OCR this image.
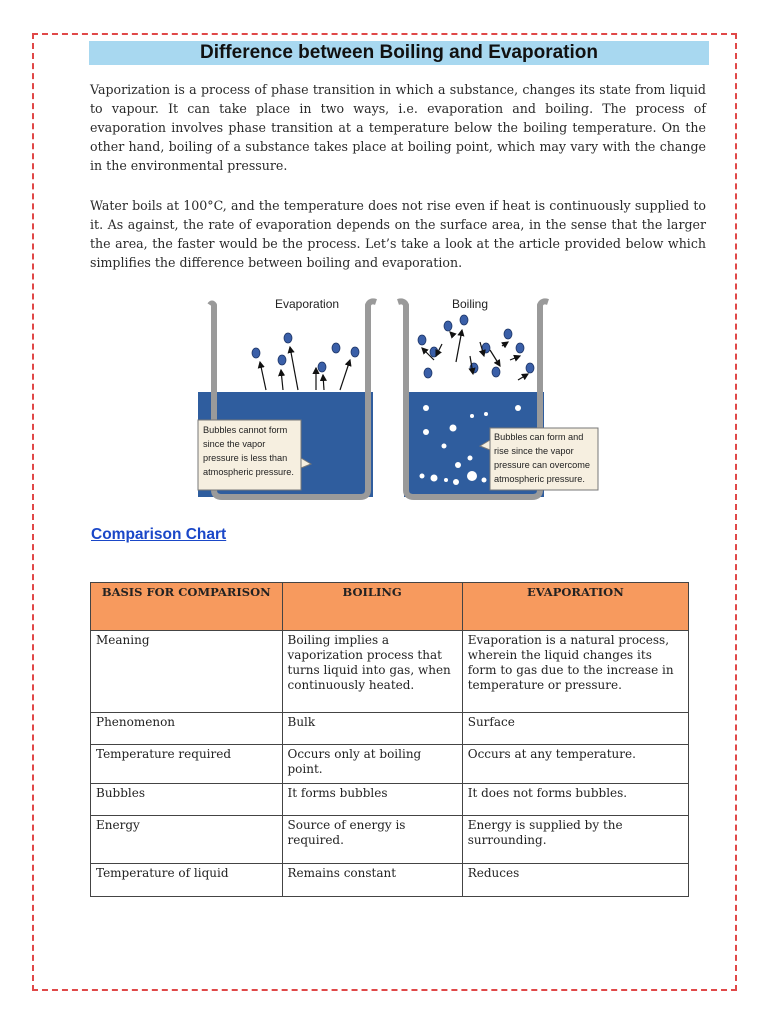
Difference between Boiling and Evaporation

Vaporization is a process of phase transition in which a substance, changes its state from liquid to vapour. It can take place in two ways, i.e. evaporation and boiling. The process of evaporation involves phase transition at a temperature below the boiling temperature. On the other hand, boiling of a substance takes place at boiling point, which may vary with the change in the environmental pressure.

Water boils at 100°C, and the temperature does not rise even if heat is continuously supplied to it. As against, the rate of evaporation depends on the surface area, in the sense that the larger the area, the faster would be the process. Let’s take a look at the article provided below which simplifies the difference between boiling and evaporation.

Evaporation
Bubbles cannot form since the vapor pressure is less than atmospheric pressure.
Boiling
Bubbles can form and rise since the vapor pressure can overcome atmospheric pressure.
Comparison Chart
BASIS FOR COMPARISON	BOILING	EVAPORATION
Meaning	Boiling implies a vaporization process that turns liquid into gas, when continuously heated.	Evaporation is a natural process, wherein the liquid changes its form to gas due to the increase in temperature or pressure.
Phenomenon	Bulk	Surface
Temperature required	Occurs only at boiling point.	Occurs at any temperature.
Bubbles	It forms bubbles	It does not forms bubbles.
Energy	Source of energy is required.	Energy is supplied by the surrounding.
Temperature of liquid	Remains constant	Reduces
